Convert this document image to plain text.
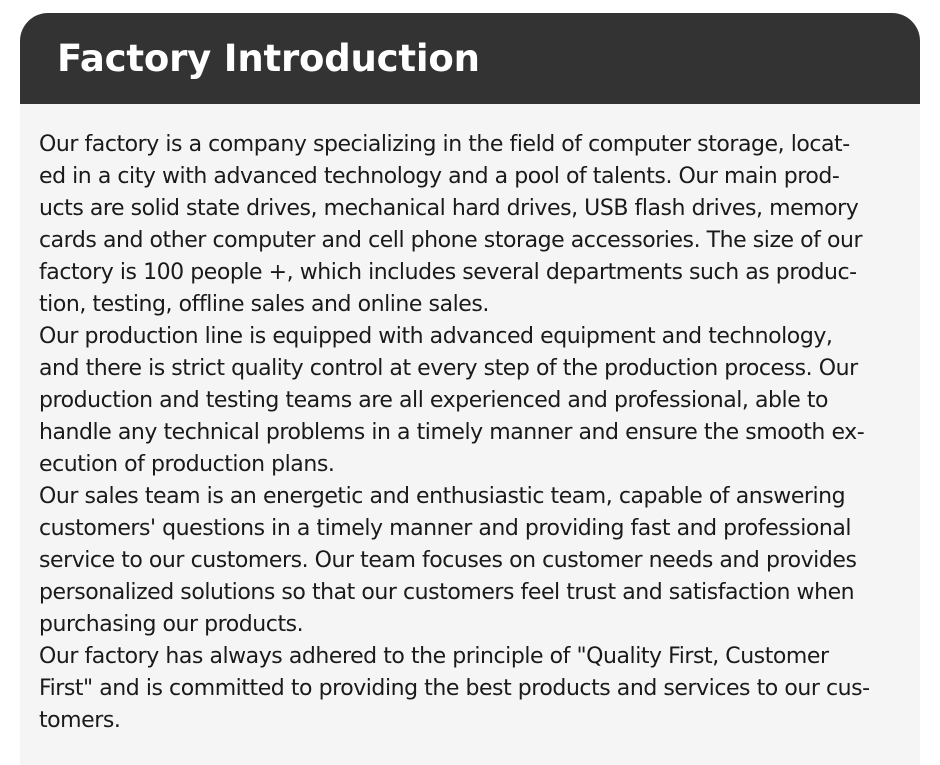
Factory Introduction
Our factory is a company specializing in the field of computer storage, locat-
ed in a city with advanced technology and a pool of talents. Our main prod-
ucts are solid state drives, mechanical hard drives, USB flash drives, memory
cards and other computer and cell phone storage accessories. The size of our
factory is 100 people +, which includes several departments such as produc-
tion, testing, offline sales and online sales.
Our production line is equipped with advanced equipment and technology,
and there is strict quality control at every step of the production process. Our
production and testing teams are all experienced and professional, able to
handle any technical problems in a timely manner and ensure the smooth ex-
ecution of production plans.
Our sales team is an energetic and enthusiastic team, capable of answering
customers' questions in a timely manner and providing fast and professional
service to our customers. Our team focuses on customer needs and provides
personalized solutions so that our customers feel trust and satisfaction when
purchasing our products.
Our factory has always adhered to the principle of "Quality First, Customer
First" and is committed to providing the best products and services to our cus-
tomers.
